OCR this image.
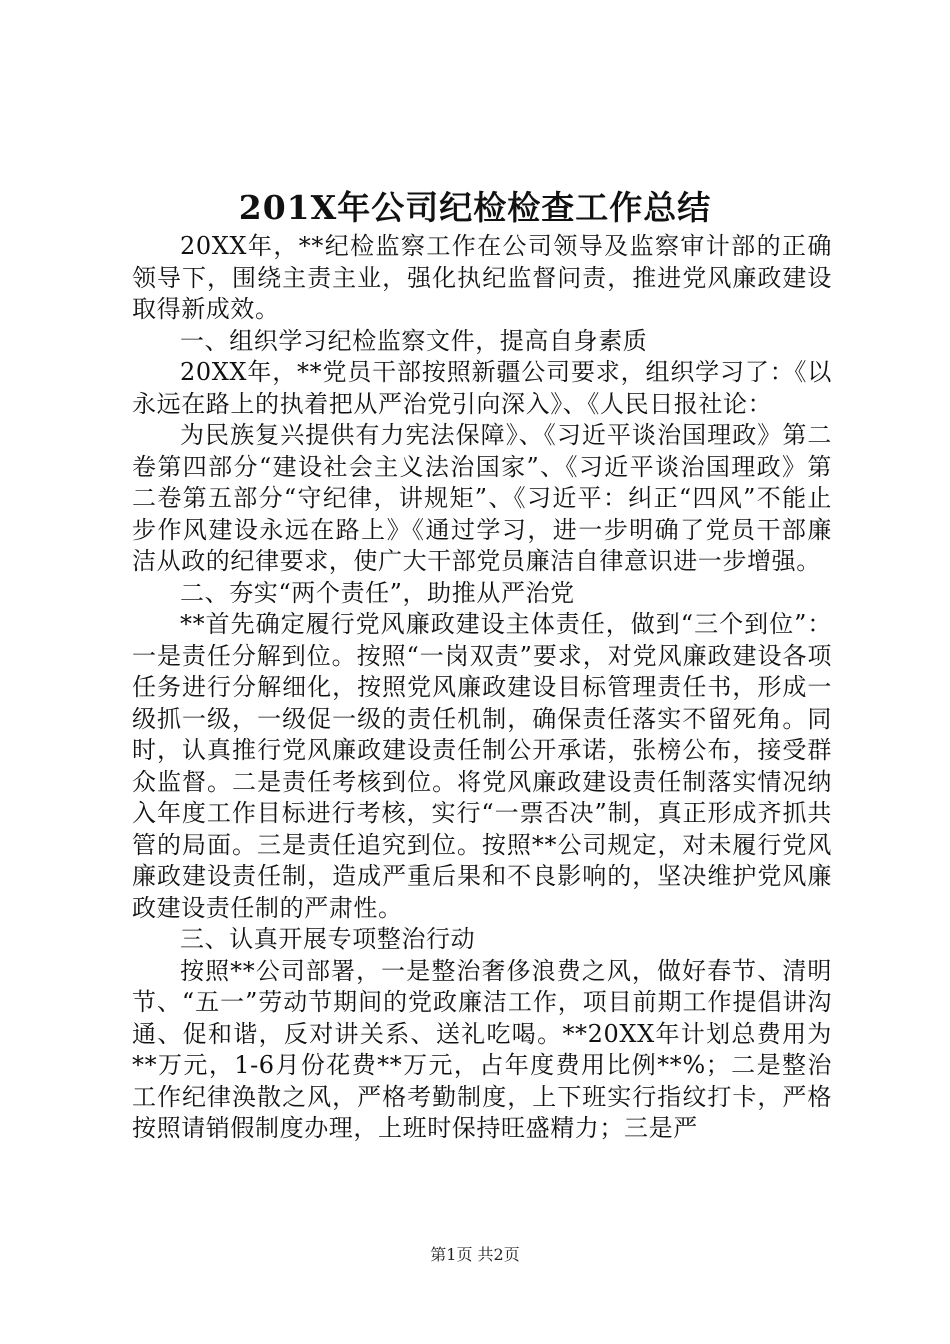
201X年公司纪检检查工作总结

20XX年，**纪检监察工作在公司领导及监察审计部的正确领导下，围绕主责主业，强化执纪监督问责，推进党风廉政建设取得新成效。

一、组织学习纪检监察文件，提高自身素质

20XX年，**党员干部按照新疆公司要求，组织学习了：《以永远在路上的执着把从严治党引向深入》、《人民日报社论：

为民族复兴提供有力宪法保障》、《习近平谈治国理政》第二卷第四部分“建设社会主义法治国家”、《习近平谈治国理政》第二卷第五部分“守纪律，讲规矩”、《习近平：纠正“四风”不能止步作风建设永远在路上》《通过学习，进一步明确了党员干部廉洁从政的纪律要求，使广大干部党员廉洁自律意识进一步增强。

二、夯实“两个责任”，助推从严治党

**首先确定履行党风廉政建设主体责任，做到“三个到位”：一是责任分解到位。按照“一岗双责”要求，对党风廉政建设各项任务进行分解细化，按照党风廉政建设目标管理责任书，形成一级抓一级，一级促一级的责任机制，确保责任落实不留死角。同时，认真推行党风廉政建设责任制公开承诺，张榜公布，接受群众监督。二是责任考核到位。将党风廉政建设责任制落实情况纳入年度工作目标进行考核，实行“一票否决”制，真正形成齐抓共管的局面。三是责任追究到位。按照**公司规定，对未履行党风廉政建设责任制，造成严重后果和不良影响的，坚决维护党风廉政建设责任制的严肃性。

三、认真开展专项整治行动

按照**公司部署，一是整治奢侈浪费之风，做好春节、清明节、“五一”劳动节期间的党政廉洁工作，项目前期工作提倡讲沟通、促和谐，反对讲关系、送礼吃喝。**20XX年计划总费用为**万元，1-6月份花费**万元，占年度费用比例**%；二是整治工作纪律涣散之风，严格考勤制度，上下班实行指纹打卡，严格按照请销假制度办理，上班时保持旺盛精力；三是严

第1页 共2页
